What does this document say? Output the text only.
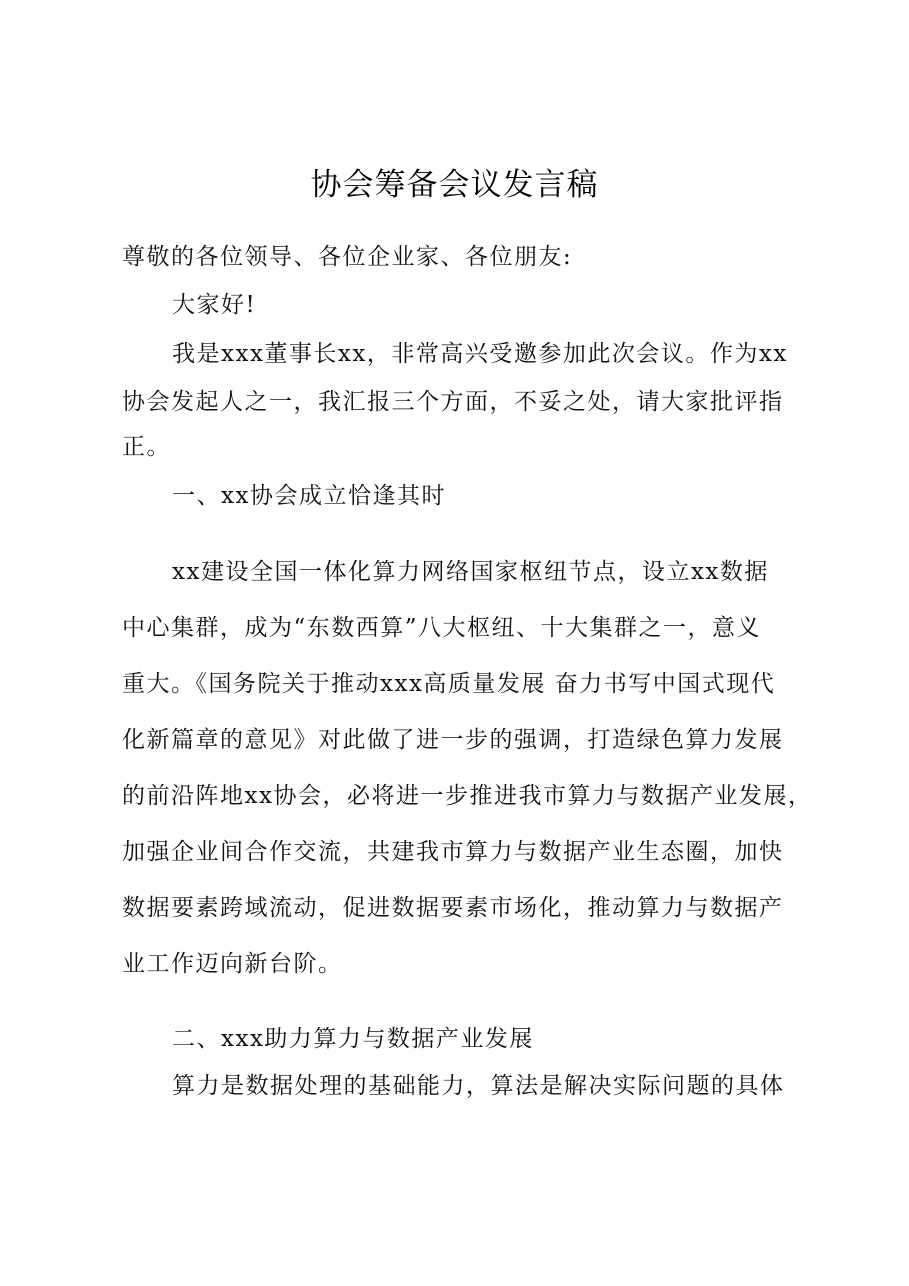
协会筹备会议发言稿

尊敬的各位领导、各位企业家、各位朋友:

大家好!

我是xxx董事长xx，非常高兴受邀参加此次会议。作为xx

协会发起人之一，我汇报三个方面，不妥之处，请大家批评指

正。

一、xx协会成立恰逢其时

xx建设全国一体化算力网络国家枢纽节点，设立xx数据

中心集群，成为“东数西算”八大枢纽、十大集群之一，意义

重大。《国务院关于推动xxx高质量发展 奋力书写中国式现代

化新篇章的意见》对此做了进一步的强调，打造绿色算力发展

的前沿阵地xx协会，必将进一步推进我市算力与数据产业发展，

加强企业间合作交流，共建我市算力与数据产业生态圈，加快

数据要素跨域流动，促进数据要素市场化，推动算力与数据产

业工作迈向新台阶。

二、xxx助力算力与数据产业发展

算力是数据处理的基础能力，算法是解决实际问题的具体
